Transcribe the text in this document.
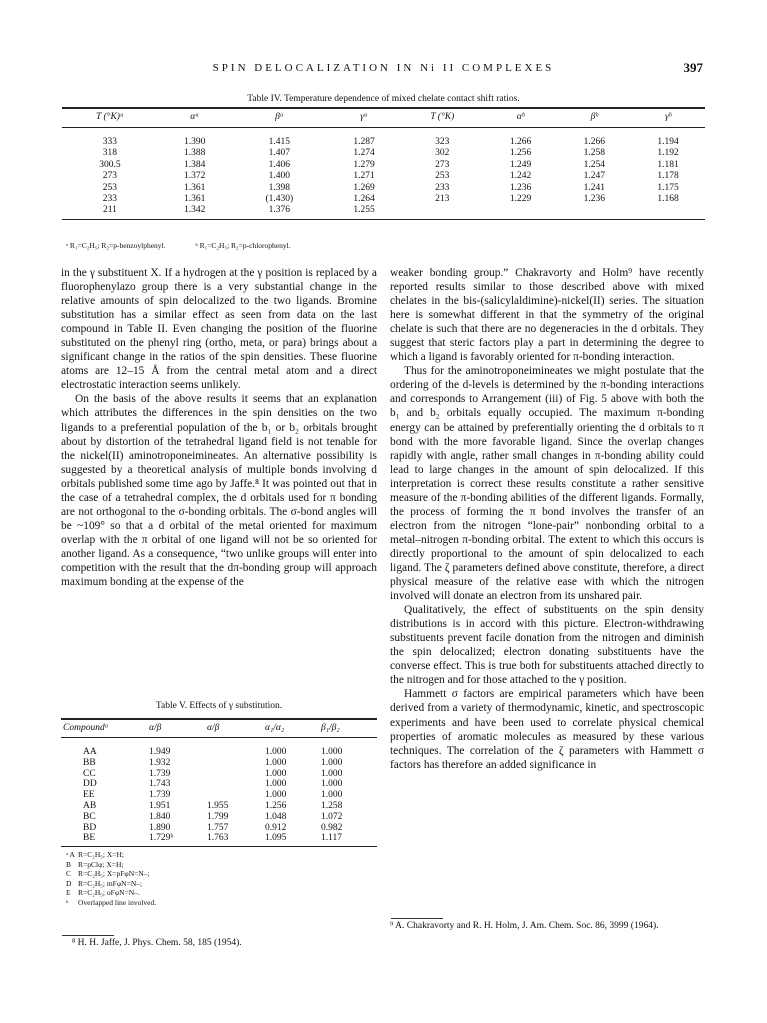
SPIN DELOCALIZATION IN Ni II COMPLEXES	397
Table IV. Temperature dependence of mixed chelate contact shift ratios.
T (°K)ᵃ	αᵃ	βᵃ	γᵃ	T (°K)	αᵇ	βᵇ	γᵇ
333	1.390	1.415	1.287	323	1.266	1.266	1.194
318	1.388	1.407	1.274	302	1.256	1.258	1.192
300.5	1.384	1.406	1.279	273	1.249	1.254	1.181
273	1.372	1.400	1.271	253	1.242	1.247	1.178
253	1.361	1.398	1.269	233	1.236	1.241	1.175
233	1.361	(1.430)	1.264	213	1.229	1.236	1.168
211	1.342	1.376	1.255				
ᵃ R₁=C₂H₅; R₂=p-benzoylphenyl.	ᵇ R₁=C₂H₅; R₂=p-chlorophenyl.

in the γ substituent X. If a hydrogen at the γ position is replaced by a fluorophenylazo group there is a very substantial change in the relative amounts of spin delocalized to the two ligands. Bromine substitution has a similar effect as seen from data on the last compound in Table II. Even changing the position of the fluorine substituted on the phenyl ring (ortho, meta, or para) brings about a significant change in the ratios of the spin densities. These fluorine atoms are 12–15 Å from the central metal atom and a direct electrostatic interaction seems unlikely.

On the basis of the above results it seems that an explanation which attributes the differences in the spin densities on the two ligands to a preferential population of the b₁ or b₂ orbitals brought about by distortion of the tetrahedral ligand field is not tenable for the nickel(II) aminotroponeimineates. An alternative possibility is suggested by a theoretical analysis of multiple bonds involving d orbitals published some time ago by Jaffe.⁸ It was pointed out that in the case of a tetrahedral complex, the d orbitals used for π bonding are not orthogonal to the σ-bonding orbitals. The σ-bond angles will be ~109° so that a d orbital of the metal oriented for maximum overlap with the π orbital of one ligand will not be so oriented for another ligand. As a consequence, “two unlike groups will enter into competition with the result that the dπ-bonding group will approach maximum bonding at the expense of the

Table V. Effects of γ substitution.
Compoundᵃ	α/β	α/β	α₁/α₂	β₁/β₂
AA	1.949		1.000	1.000
BB	1.932		1.000	1.000
CC	1.739		1.000	1.000
DD	1.743		1.000	1.000
EE	1.739		1.000	1.000
AB	1.951	1.955	1.256	1.258
BC	1.840	1.799	1.048	1.072
BD	1.890	1.757	0.912	0.982
BE	1.729ᵇ	1.763	1.095	1.117
ᵃ A R=C₂H₅; X=H;
B R=pClφ; X=H;
C R=C₂H₅; X=pFφN=N–;
D R=C₂H₅; mFφN=N–;
E R=C₂H₅; oFφN=N–.
ᵇ Overlapped line involved.
⁸ H. H. Jaffe, J. Phys. Chem. 58, 185 (1954).

weaker bonding group.” Chakravorty and Holm⁹ have recently reported results similar to those described above with mixed chelates in the bis-(salicylaldimine)-nickel(II) series. The situation here is somewhat different in that the symmetry of the original chelate is such that there are no degeneracies in the d orbitals. They suggest that steric factors play a part in determining the degree to which a ligand is favorably oriented for π-bonding interaction.

Thus for the aminotroponeimineates we might postulate that the ordering of the d-levels is determined by the π-bonding interactions and corresponds to Arrangement (iii) of Fig. 5 above with both the b₁ and b₂ orbitals equally occupied. The maximum π-bonding energy can be attained by preferentially orienting the d orbitals to π bond with the more favorable ligand. Since the overlap changes rapidly with angle, rather small changes in π-bonding ability could lead to large changes in the amount of spin delocalized. If this interpretation is correct these results constitute a rather sensitive measure of the π-bonding abilities of the different ligands. Formally, the process of forming the π bond involves the transfer of an electron from the nitrogen “lone-pair” nonbonding orbital to a metal–nitrogen π-bonding orbital. The extent to which this occurs is directly proportional to the amount of spin delocalized to each ligand. The ζ parameters defined above constitute, therefore, a direct physical measure of the relative ease with which the nitrogen involved will donate an electron from its unshared pair.

Qualitatively, the effect of substituents on the spin density distributions is in accord with this picture. Electron-withdrawing substituents prevent facile donation from the nitrogen and diminish the spin delocalized; electron donating substituents have the converse effect. This is true both for substituents attached directly to the nitrogen and for those attached to the γ position.

Hammett σ factors are empirical parameters which have been derived from a variety of thermodynamic, kinetic, and spectroscopic experiments and have been used to correlate physical chemical properties of aromatic molecules as measured by these various techniques. The correlation of the ζ parameters with Hammett σ factors has therefore an added significance in

⁹ A. Chakravorty and R. H. Holm, J. Am. Chem. Soc. 86, 3999 (1964).
